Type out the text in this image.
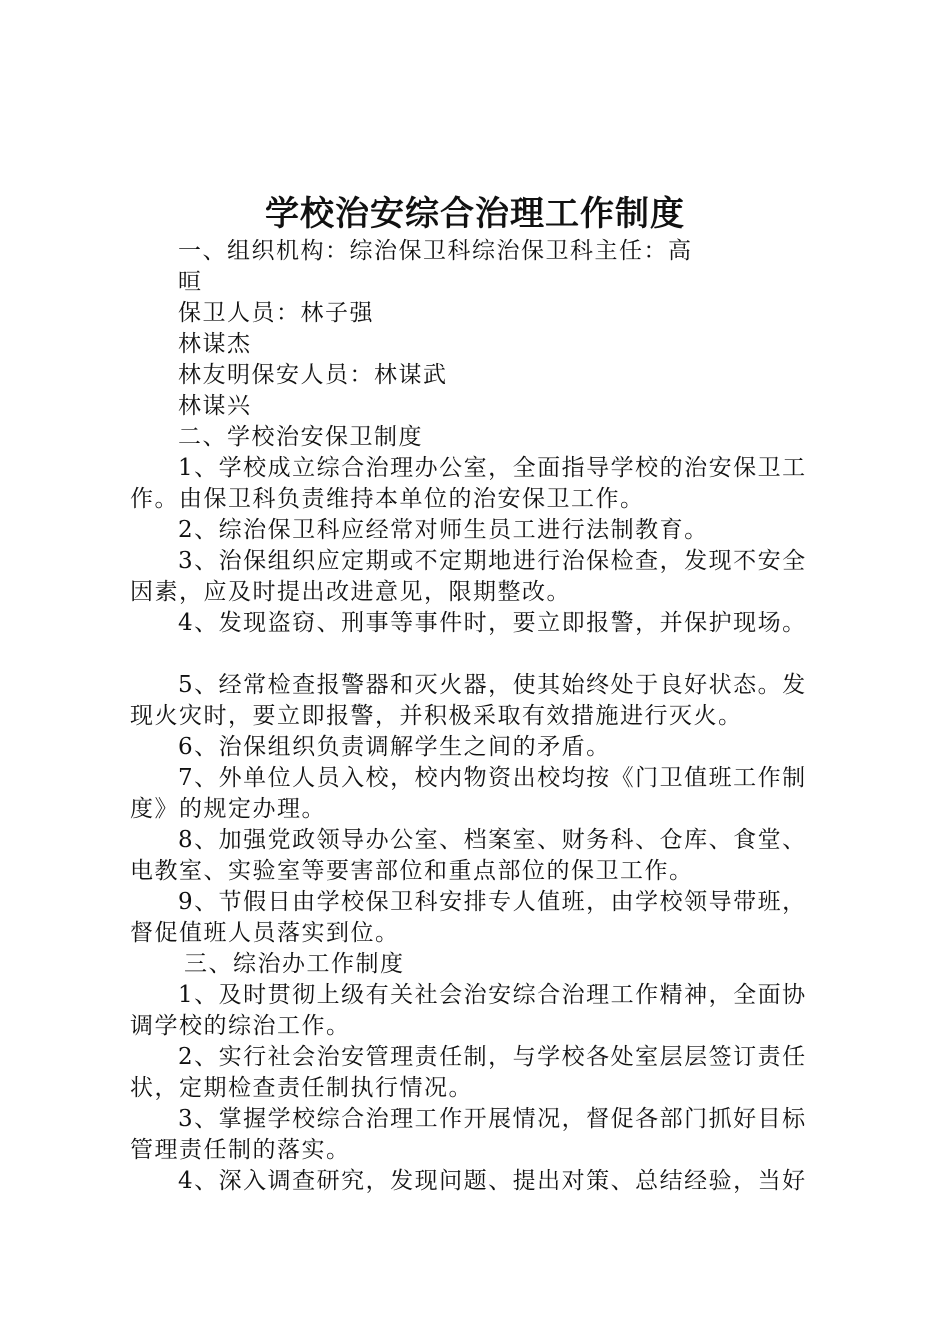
学校治安综合治理工作制度

一、组织机构：综治保卫科综治保卫科主任：高

晅

保卫人员：林子强

林谋杰

林友明保安人员：林谋武

林谋兴

二、学校治安保卫制度

1、学校成立综合治理办公室，全面指导学校的治安保卫工

作。由保卫科负责维持本单位的治安保卫工作。

2、综治保卫科应经常对师生员工进行法制教育。

3、治保组织应定期或不定期地进行治保检查，发现不安全

因素，应及时提出改进意见，限期整改。

4、发现盗窃、刑事等事件时，要立即报警，并保护现场。

5、经常检查报警器和灭火器，使其始终处于良好状态。发

现火灾时，要立即报警，并积极采取有效措施进行灭火。

6、治保组织负责调解学生之间的矛盾。

7、外单位人员入校，校内物资出校均按《门卫值班工作制

度》的规定办理。

8、加强党政领导办公室、档案室、财务科、仓库、食堂、

电教室、实验室等要害部位和重点部位的保卫工作。

9、节假日由学校保卫科安排专人值班，由学校领导带班，

督促值班人员落实到位。

三、综治办工作制度

1、及时贯彻上级有关社会治安综合治理工作精神，全面协

调学校的综治工作。

2、实行社会治安管理责任制，与学校各处室层层签订责任

状，定期检查责任制执行情况。

3、掌握学校综合治理工作开展情况，督促各部门抓好目标

管理责任制的落实。

4、深入调查研究，发现问题、提出对策、总结经验，当好
